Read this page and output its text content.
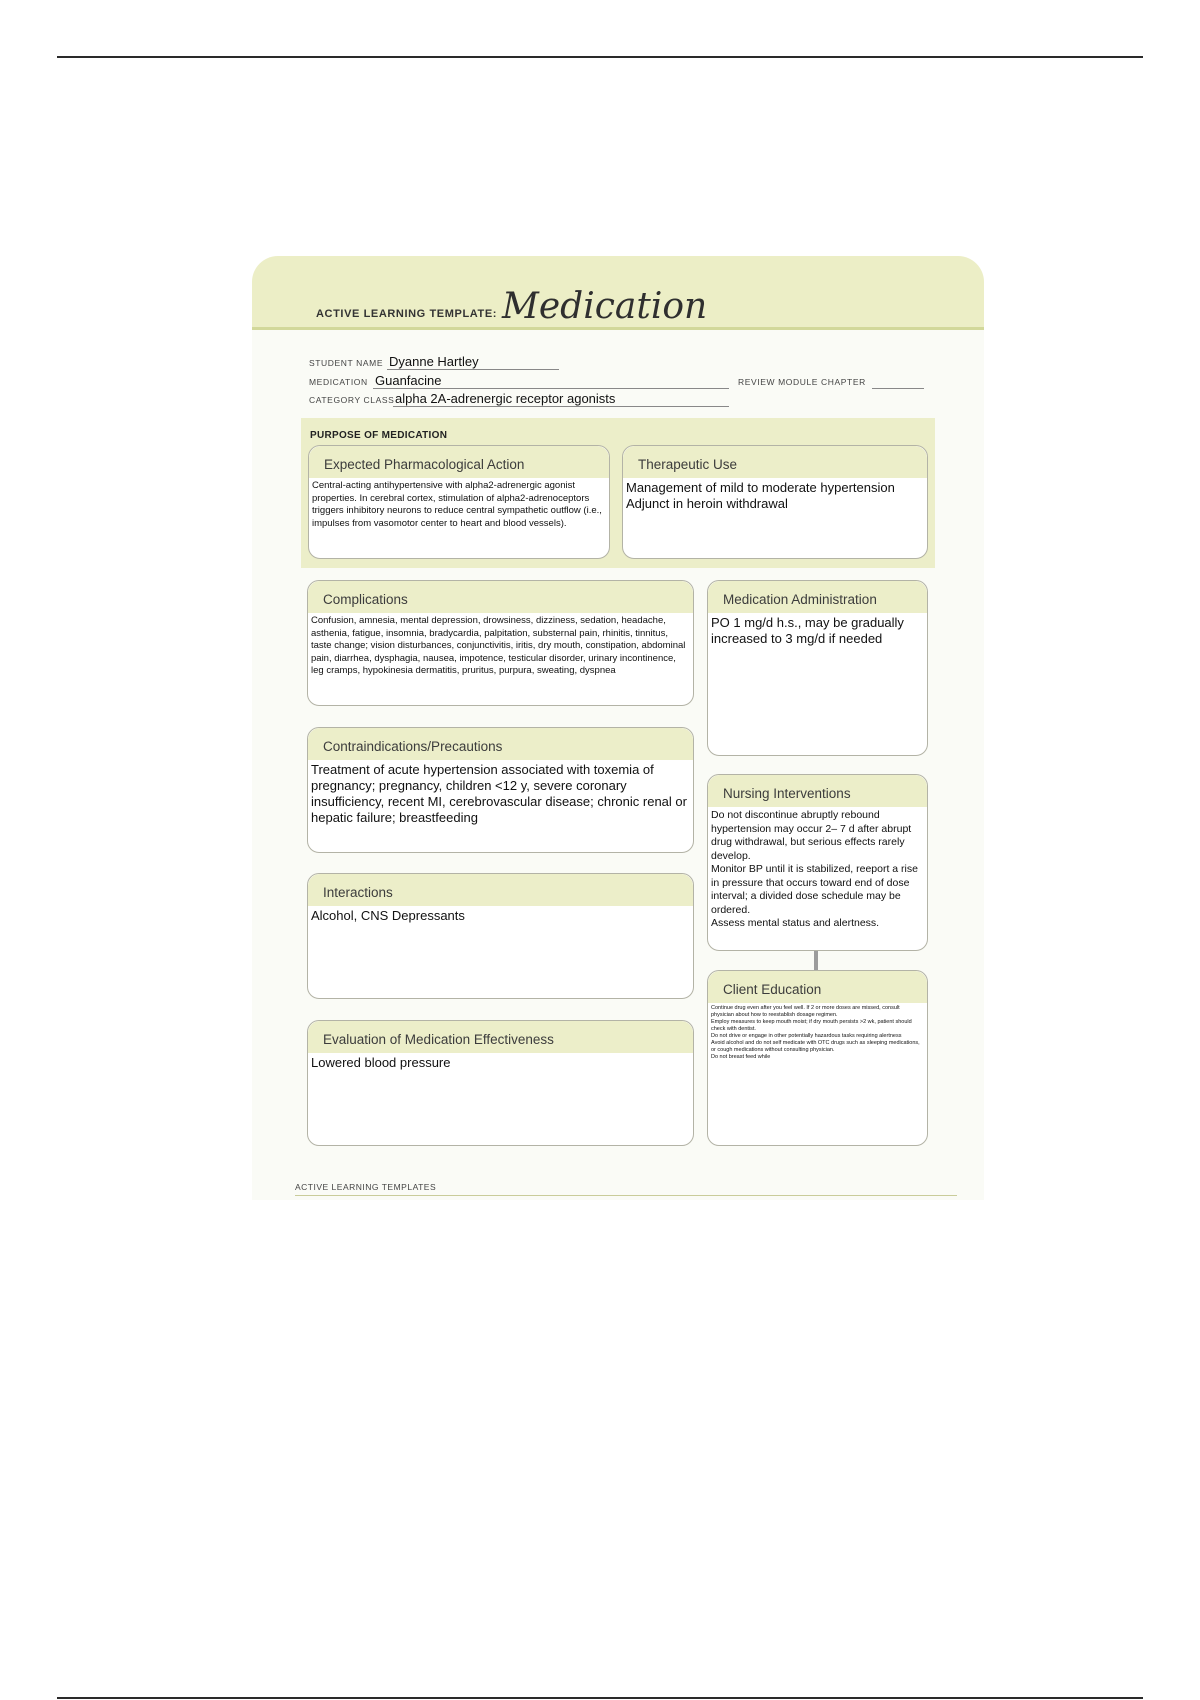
ACTIVE LEARNING TEMPLATE: Medication
STUDENT NAME Dyanne Hartley
MEDICATION Guanfacine	REVIEW MODULE CHAPTER
CATEGORY CLASS alpha 2A-adrenergic receptor agonists
PURPOSE OF MEDICATION
Expected Pharmacological Action
Central-acting antihypertensive with alpha2-adrenergic agonist properties. In cerebral cortex, stimulation of alpha2-adrenoceptors triggers inhibitory neurons to reduce central sympathetic outflow (i.e., impulses from vasomotor center to heart and blood vessels).
Therapeutic Use
Management of mild to moderate hypertension
Adjunct in heroin withdrawal
Complications
Confusion, amnesia, mental depression, drowsiness, dizziness, sedation, headache, asthenia, fatigue, insomnia, bradycardia, palpitation, substernal pain, rhinitis, tinnitus, taste change; vision disturbances, conjunctivitis, iritis, dry mouth, constipation, abdominal pain, diarrhea, dysphagia, nausea, impotence, testicular disorder, urinary incontinence, leg cramps, hypokinesia dermatitis, pruritus, purpura, sweating, dyspnea
Contraindications/Precautions
Treatment of acute hypertension associated with toxemia of pregnancy; pregnancy, children <12 y, severe coronary insufficiency, recent MI, cerebrovascular disease; chronic renal or hepatic failure; breastfeeding
Interactions
Alcohol, CNS Depressants
Evaluation of Medication Effectiveness
Lowered blood pressure
Medication Administration
PO 1 mg/d h.s., may be gradually increased to 3 mg/d if needed
Nursing Interventions
Do not discontinue abruptly rebound hypertension may occur 2– 7 d after abrupt drug withdrawal, but serious effects rarely develop.
Monitor BP until it is stabilized, reeport a rise in pressure that occurs toward end of dose interval; a divided dose schedule may be ordered.
Assess mental status and alertness.
Client Education
Continue drug even after you feel well. If 2 or more doses are missed, consult physician about how to reestablish dosage regimen.
Employ measures to keep mouth moist; if dry mouth persists >2 wk, patient should check with dentist.
Do not drive or engage in other potentially hazardous tasks requiring alertness
Avoid alcohol and do not self medicate with OTC drugs such as sleeping medications, or cough medications without consulting physician.
Do not breast feed while
ACTIVE LEARNING TEMPLATES
